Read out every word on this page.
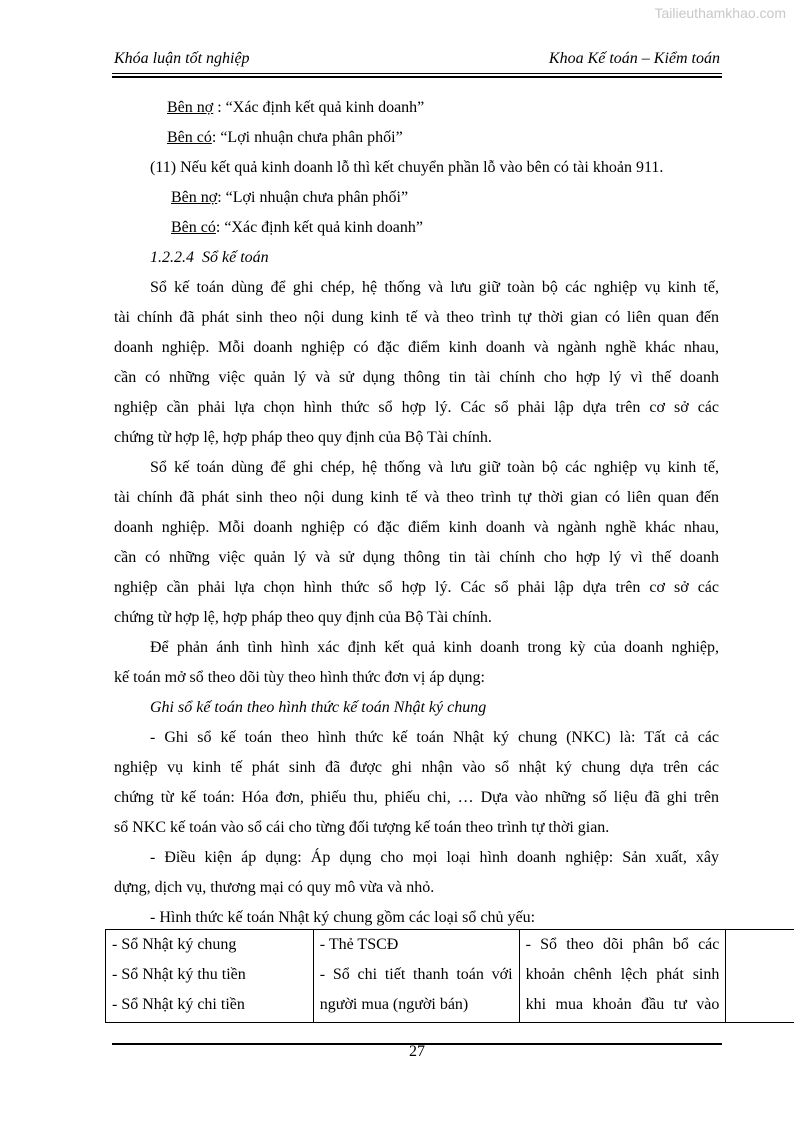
Tailieuthamkhao.com
Khóa luận tốt nghiệp	Khoa Kế toán – Kiểm toán
Bên nợ : “Xác định kết quả kinh doanh”
Bên có: “Lợi nhuận chưa phân phối”
(11) Nếu kết quả kinh doanh lỗ thì kết chuyển phần lỗ vào bên có tài khoản 911.
Bên nợ: “Lợi nhuận chưa phân phối”
Bên có: “Xác định kết quả kinh doanh”
1.2.2.4 Sổ kế toán
Sổ kế toán dùng để ghi chép, hệ thống và lưu giữ toàn bộ các nghiệp vụ kinh tế,
tài chính đã phát sinh theo nội dung kinh tế và theo trình tự thời gian có liên quan đến
doanh nghiệp. Mỗi doanh nghiệp có đặc điểm kinh doanh và ngành nghề khác nhau,
cần có những việc quản lý và sử dụng thông tin tài chính cho hợp lý vì thế doanh
nghiệp cần phải lựa chọn hình thức sổ hợp lý. Các sổ phải lập dựa trên cơ sở các
chứng từ hợp lệ, hợp pháp theo quy định của Bộ Tài chính.
Sổ kế toán dùng để ghi chép, hệ thống và lưu giữ toàn bộ các nghiệp vụ kinh tế,
tài chính đã phát sinh theo nội dung kinh tế và theo trình tự thời gian có liên quan đến
doanh nghiệp. Mỗi doanh nghiệp có đặc điểm kinh doanh và ngành nghề khác nhau,
cần có những việc quản lý và sử dụng thông tin tài chính cho hợp lý vì thế doanh
nghiệp cần phải lựa chọn hình thức sổ hợp lý. Các sổ phải lập dựa trên cơ sở các
chứng từ hợp lệ, hợp pháp theo quy định của Bộ Tài chính.
Để phản ánh tình hình xác định kết quả kinh doanh trong kỳ của doanh nghiệp,
kế toán mở sổ theo dõi tùy theo hình thức đơn vị áp dụng:
Ghi sổ kế toán theo hình thức kế toán Nhật ký chung
- Ghi sổ kế toán theo hình thức kế toán Nhật ký chung (NKC) là: Tất cả các
nghiệp vụ kinh tế phát sinh đã được ghi nhận vào sổ nhật ký chung dựa trên các
chứng từ kế toán: Hóa đơn, phiếu thu, phiếu chi, … Dựa vào những số liệu đã ghi trên
sổ NKC kế toán vào sổ cái cho từng đối tượng kế toán theo trình tự thời gian.
- Điều kiện áp dụng: Áp dụng cho mọi loại hình doanh nghiệp: Sản xuất, xây
dựng, dịch vụ, thương mại có quy mô vừa và nhỏ.
- Hình thức kế toán Nhật ký chung gồm các loại sổ chủ yếu:
- Sổ Nhật ký chung
- Sổ Nhật ký thu tiền
- Sổ Nhật ký chi tiền

- Thẻ TSCĐ
- Sổ chi tiết thanh toán với
người mua (người bán)

- Sổ theo dõi phân bổ các
khoản chênh lệch phát sinh
khi mua khoản đầu tư vào

27
